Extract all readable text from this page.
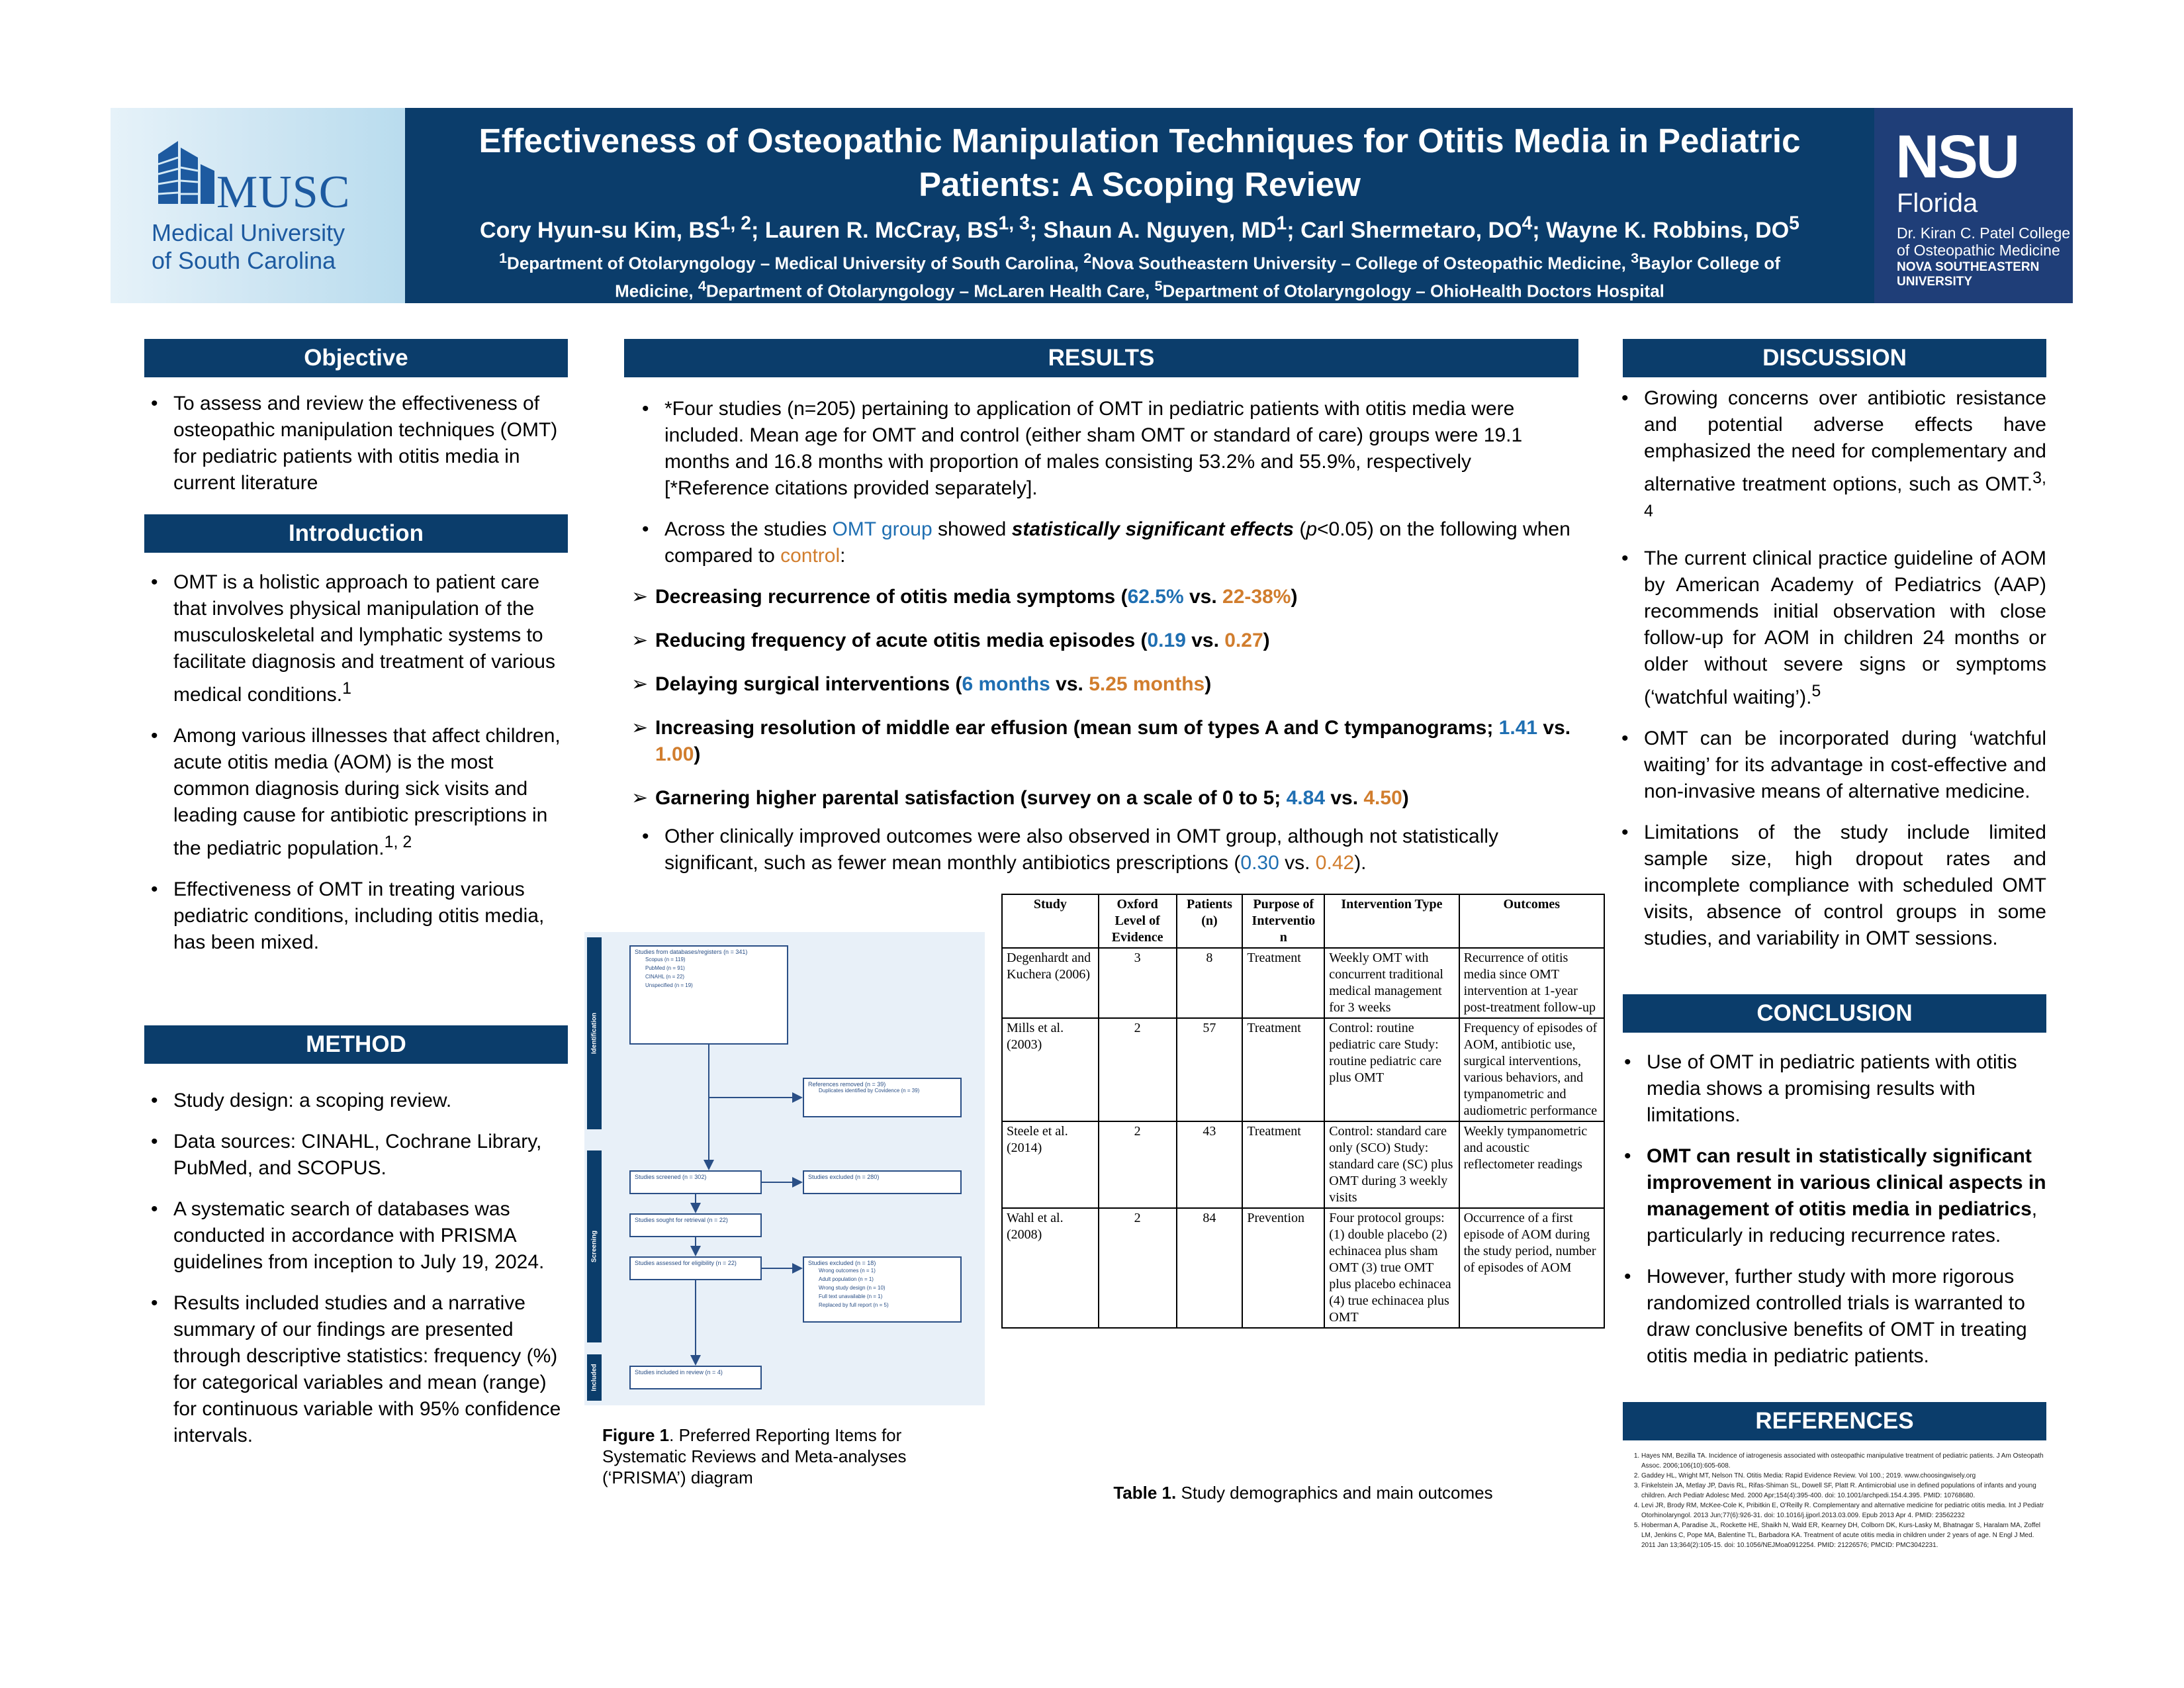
MUSC
Medical University
of South Carolina
Effectiveness of Osteopathic Manipulation Techniques for Otitis Media in Pediatric
Patients: A Scoping Review
Cory Hyun-su Kim, BS$^{1, 2}$; Lauren R. McCray, BS$^{1, 3}$; Shaun A. Nguyen, $MD^1$; Carl Shermetaro, $DO^4$; Wayne K. Robbins, $DO^5$
$^1$Department of Otolaryngology – Medical University of South Carolina, $^2$Nova Southeastern University – College of Osteopathic Medicine, $^3$Baylor College of
Medicine, $^4$Department of Otolaryngology – McLaren Health Care, $^5$Department of Otolaryngology – OhioHealth Doctors Hospital
NSU
Florida
Dr. Kiran C. Patel College
of Osteopathic Medicine
NOVA SOUTHEASTERN
UNIVERSITY
Objective
• To assess and review the effectiveness of osteopathic manipulation techniques (OMT) for pediatric patients with otitis media in current literature
Introduction
• OMT is a holistic approach to patient care that involves physical manipulation of the musculoskeletal and lymphatic systems to facilitate diagnosis and treatment of various medical conditions.$^1$
• Among various illnesses that affect children, acute otitis media (AOM) is the most common diagnosis during sick visits and leading cause for antibiotic prescriptions in the pediatric population.$^{1, 2}$
• Effectiveness of OMT in treating various pediatric conditions, including otitis media, has been mixed.
METHOD
• Study design: a scoping review.
• Data sources: CINAHL, Cochrane Library, PubMed, and SCOPUS.
• A systematic search of databases was conducted in accordance with PRISMA guidelines from inception to July 19, 2024.
• Results included studies and a narrative summary of our findings are presented through descriptive statistics: frequency (%) for categorical variables and mean (range) for continuous variable with 95% confidence intervals.
RESULTS
• *Four studies (n=205) pertaining to application of OMT in pediatric patients with otitis media were included. Mean age for OMT and control (either sham OMT or standard of care) groups were 19.1 months and 16.8 months with proportion of males consisting 53.2% and 55.9%, respectively [*Reference citations provided separately].
• Across the studies OMT group showed statistically significant effects (p<0.05) on the following when compared to control:
➢ Decreasing recurrence of otitis media symptoms (62.5% vs. 22-38%)
➢ Reducing frequency of acute otitis media episodes (0.19 vs. 0.27)
➢ Delaying surgical interventions (6 months vs. 5.25 months)
➢ Increasing resolution of middle ear effusion (mean sum of types A and C tympanograms; 1.41 vs. 1.00)
➢ Garnering higher parental satisfaction (survey on a scale of 0 to 5; 4.84 vs. 4.50)
• Other clinically improved outcomes were also observed in OMT group, although not statistically significant, such as fewer mean monthly antibiotics prescriptions (0.30 vs. 0.42).
Identification
Screening
Included
Studies from databases/registers (n = 341)
Scopus (n = 119)
PubMed (n = 91)
CINAHL (n = 22)
Unspecified (n = 19)
References removed (n = 39)
Duplicates identified by Covidence (n = 39)
Studies screened (n = 302)	Studies excluded (n = 280)
Studies sought for retrieval (n = 22)
Studies assessed for eligibility (n = 22)	Studies excluded (n = 18)
Wrong outcomes (n = 1)
Adult population (n = 1)
Wrong study design (n = 10)
Full text unavailable (n = 1)
Replaced by full report (n = 5)
Studies included in review (n = 4)
Figure 1. Preferred Reporting Items for Systematic Reviews and Meta-analyses (‘PRISMA’) diagram
Study	Oxford Level of Evidence	Patients (n)	Purpose of Interventio n	Intervention Type	Outcomes
Degenhardt and Kuchera (2006)	3	8	Treatment	Weekly OMT with concurrent traditional medical management for 3 weeks	Recurrence of otitis media since OMT intervention at 1-year post-treatment follow-up
Mills et al. (2003)	2	57	Treatment	Control: routine pediatric care Study: routine pediatric care plus OMT	Frequency of episodes of AOM, antibiotic use, surgical interventions, various behaviors, and tympanometric and audiometric performance
Steele et al. (2014)	2	43	Treatment	Control: standard care only (SCO) Study: standard care (SC) plus OMT during 3 weekly visits	Weekly tympanometric and acoustic reflectometer readings
Wahl et al. (2008)	2	84	Prevention	Four protocol groups: (1) double placebo (2) echinacea plus sham OMT (3) true OMT plus placebo echinacea (4) true echinacea plus OMT	Occurrence of a first episode of AOM during the study period, number of episodes of AOM
Table 1. Study demographics and main outcomes
DISCUSSION
• Growing concerns over antibiotic resistance and potential adverse effects have emphasized the need for complementary and alternative treatment options, such as OMT.$^{3, 4}$
• The current clinical practice guideline of AOM by American Academy of Pediatrics (AAP) recommends initial observation with close follow-up for AOM in children 24 months or older without severe signs or symptoms (‘watchful waiting’).$^5$
• OMT can be incorporated during ‘watchful waiting’ for its advantage in cost-effective and non-invasive means of alternative medicine.
• Limitations of the study include limited sample size, high dropout rates and incomplete compliance with scheduled OMT visits, absence of control groups in some studies, and variability in OMT sessions.
CONCLUSION
• Use of OMT in pediatric patients with otitis media shows a promising results with limitations.
• OMT can result in statistically significant improvement in various clinical aspects in management of otitis media in pediatrics, particularly in reducing recurrence rates.
• However, further study with more rigorous randomized controlled trials is warranted to draw conclusive benefits of OMT in treating otitis media in pediatric patients.
REFERENCES
1. Hayes NM, Bezilla TA. Incidence of iatrogenesis associated with osteopathic manipulative treatment of pediatric patients. J Am Osteopath Assoc. 2006;106(10):605-608.
2. Gaddey HL, Wright MT, Nelson TN. Otitis Media: Rapid Evidence Review. Vol 100.; 2019. www.choosingwisely.org
3. Finkelstein JA, Metlay JP, Davis RL, Rifas-Shiman SL, Dowell SF, Platt R. Antimicrobial use in defined populations of infants and young children. Arch Pediatr Adolesc Med. 2000 Apr;154(4):395-400. doi: 10.1001/archpedi.154.4.395. PMID: 10768680.
4. Levi JR, Brody RM, McKee-Cole K, Pribitkin E, O'Reilly R. Complementary and alternative medicine for pediatric otitis media. Int J Pediatr Otorhinolaryngol. 2013 Jun;77(6):926-31. doi: 10.1016/j.ijporl.2013.03.009. Epub 2013 Apr 4. PMID: 23562232
5. Hoberman A, Paradise JL, Rockette HE, Shaikh N, Wald ER, Kearney DH, Colborn DK, Kurs-Lasky M, Bhatnagar S, Haralam MA, Zoffel LM, Jenkins C, Pope MA, Balentine TL, Barbadora KA. Treatment of acute otitis media in children under 2 years of age. N Engl J Med. 2011 Jan 13;364(2):105-15. doi: 10.1056/NEJMoa0912254. PMID: 21226576; PMCID: PMC3042231.
